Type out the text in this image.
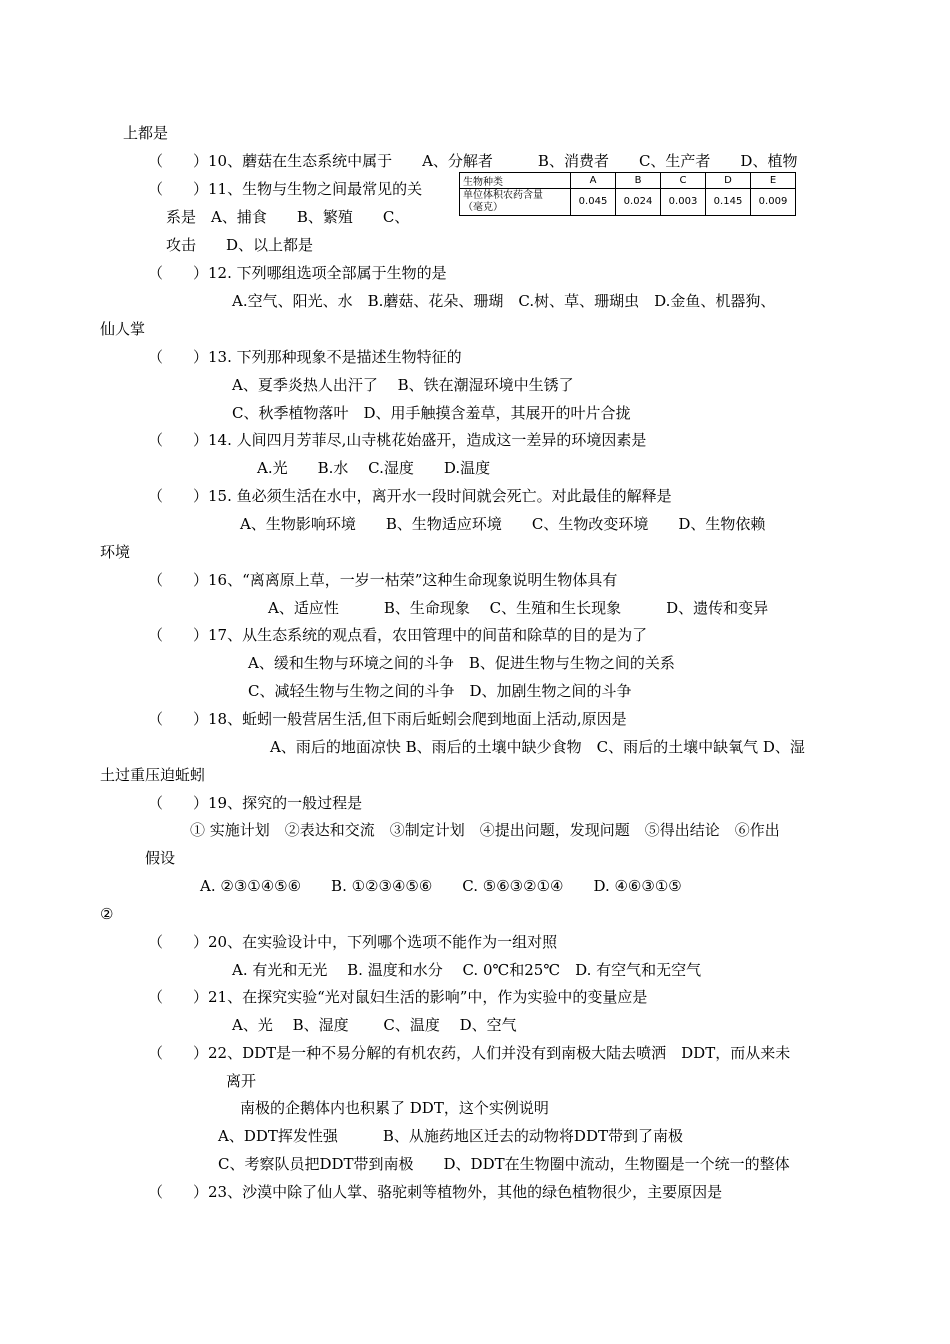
上都是
（　　）10、蘑菇在生态系统中属于　　A、分解者　　　B、消费者　　C、生产者　　D、植物
（　　）11、生物与生物之间最常见的关
系是　A、捕食　　B、繁殖　　C、
攻击　　D、以上都是
（　　）12. 下列哪组选项全部属于生物的是
A.空气、阳光、水　B.蘑菇、花朵、珊瑚　C.树、草、珊瑚虫　D.金鱼、机器狗、
仙人掌
（　　）13. 下列那种现象不是描述生物特征的
A、夏季炎热人出汗了　 B、铁在潮湿环境中生锈了
C、秋季植物落叶　D、用手触摸含羞草，其展开的叶片合拢
（　　）14. 人间四月芳菲尽,山寺桃花始盛开，造成这一差异的环境因素是
A.光　　B.水　 C.湿度　　D.温度
（　　）15. 鱼必须生活在水中，离开水一段时间就会死亡。对此最佳的解释是
A、生物影响环境　　B、生物适应环境　　C、生物改变环境　　D、生物依赖
环境
（　　）16、“离离原上草，一岁一枯荣”这种生命现象说明生物体具有
A、适应性　　　B、生命现象　 C、生殖和生长现象　　　D、遗传和变异
（　　）17、从生态系统的观点看，农田管理中的间苗和除草的目的是为了
A、缓和生物与环境之间的斗争　B、促进生物与生物之间的关系
C、减轻生物与生物之间的斗争　D、加剧生物之间的斗争
（　　）18、蚯蚓一般营居生活,但下雨后蚯蚓会爬到地面上活动,原因是
A、雨后的地面凉快 B、雨后的土壤中缺少食物　C、雨后的土壤中缺氧气 D、湿
土过重压迫蚯蚓
（　　）19、探究的一般过程是
① 实施计划　②表达和交流　③制定计划　④提出问题，发现问题　⑤得出结论　⑥作出
假设
A. ②③①④⑤⑥　　B. ①②③④⑤⑥　　C. ⑤⑥③②①④　　D. ④⑥③①⑤
②
（　　）20、在实验设计中，下列哪个选项不能作为一组对照
A. 有光和无光　 B. 温度和水分　 C. 0℃和25℃　D. 有空气和无空气
（　　）21、在探究实验“光对鼠妇生活的影响”中，作为实验中的变量应是
A、光　 B、湿度　　 C、温度　 D、空气
（　　）22、DDT是一种不易分解的有机农药，人们并没有到南极大陆去喷洒　DDT，而从来未
离开
南极的企鹅体内也积累了 DDT，这个实例说明
A、DDT挥发性强　　　B、从施药地区迁去的动物将DDT带到了南极
C、考察队员把DDT带到南极　　D、DDT在生物圈中流动，生物圈是一个统一的整体
（　　）23、沙漠中除了仙人掌、骆驼刺等植物外，其他的绿色植物很少，主要原因是
生物种类	A	B	C	D	E
单位体积农药含量
（毫克）	0.045	0.024	0.003	0.145	0.009
